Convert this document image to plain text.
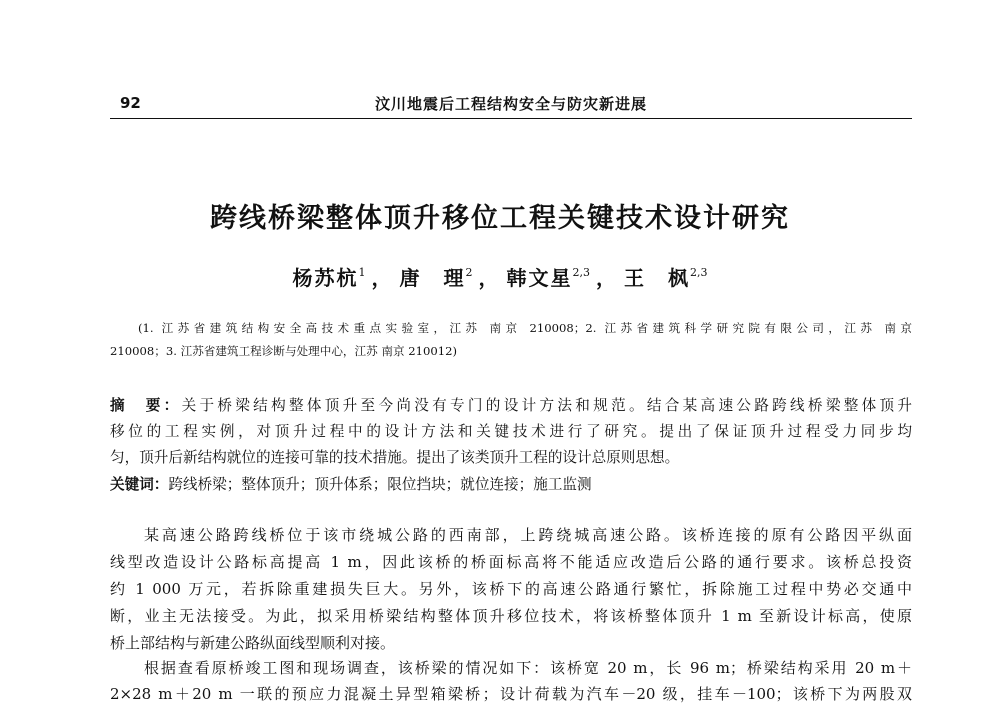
92	汶川地震后工程结构安全与防灾新进展
跨线桥梁整体顶升移位工程关键技术设计研究
杨苏杭$^1$ ， 唐　理$^2$ ， 韩文星$^{2,3}$ ， 王　枫$^{2,3}$
(1. 江苏省建筑结构安全高技术重点实验室，江苏 南京 210008；2. 江苏省建筑科学研究院有限公司，江苏 南京
210008；3. 江苏省建筑工程诊断与处理中心，江苏 南京 210012)
摘　要：关于桥梁结构整体顶升至今尚没有专门的设计方法和规范。结合某高速公路跨线桥梁整体顶升
移位的工程实例，对顶升过程中的设计方法和关键技术进行了研究。提出了保证顶升过程受力同步均
匀，顶升后新结构就位的连接可靠的技术措施。提出了该类顶升工程的设计总原则思想。
关键词：跨线桥梁；整体顶升；顶升体系；限位挡块；就位连接；施工监测
某高速公路跨线桥位于该市绕城公路的西南部，上跨绕城高速公路。该桥连接的原有公路因平纵面
线型改造设计公路标高提高 1 m，因此该桥的桥面标高将不能适应改造后公路的通行要求。该桥总投资
约 1 000 万元，若拆除重建损失巨大。另外，该桥下的高速公路通行繁忙，拆除施工过程中势必交通中
断，业主无法接受。为此，拟采用桥梁结构整体顶升移位技术，将该桥整体顶升 1 m 至新设计标高，使原
桥上部结构与新建公路纵面线型顺利对接。
根据查看原桥竣工图和现场调查，该桥梁的情况如下：该桥宽 20 m，长 96 m；桥梁结构采用 20 m＋
2×28 m＋20 m 一联的预应力混凝土异型箱梁桥；设计荷载为汽车－20 级，挂车－100；该桥下为两股双
